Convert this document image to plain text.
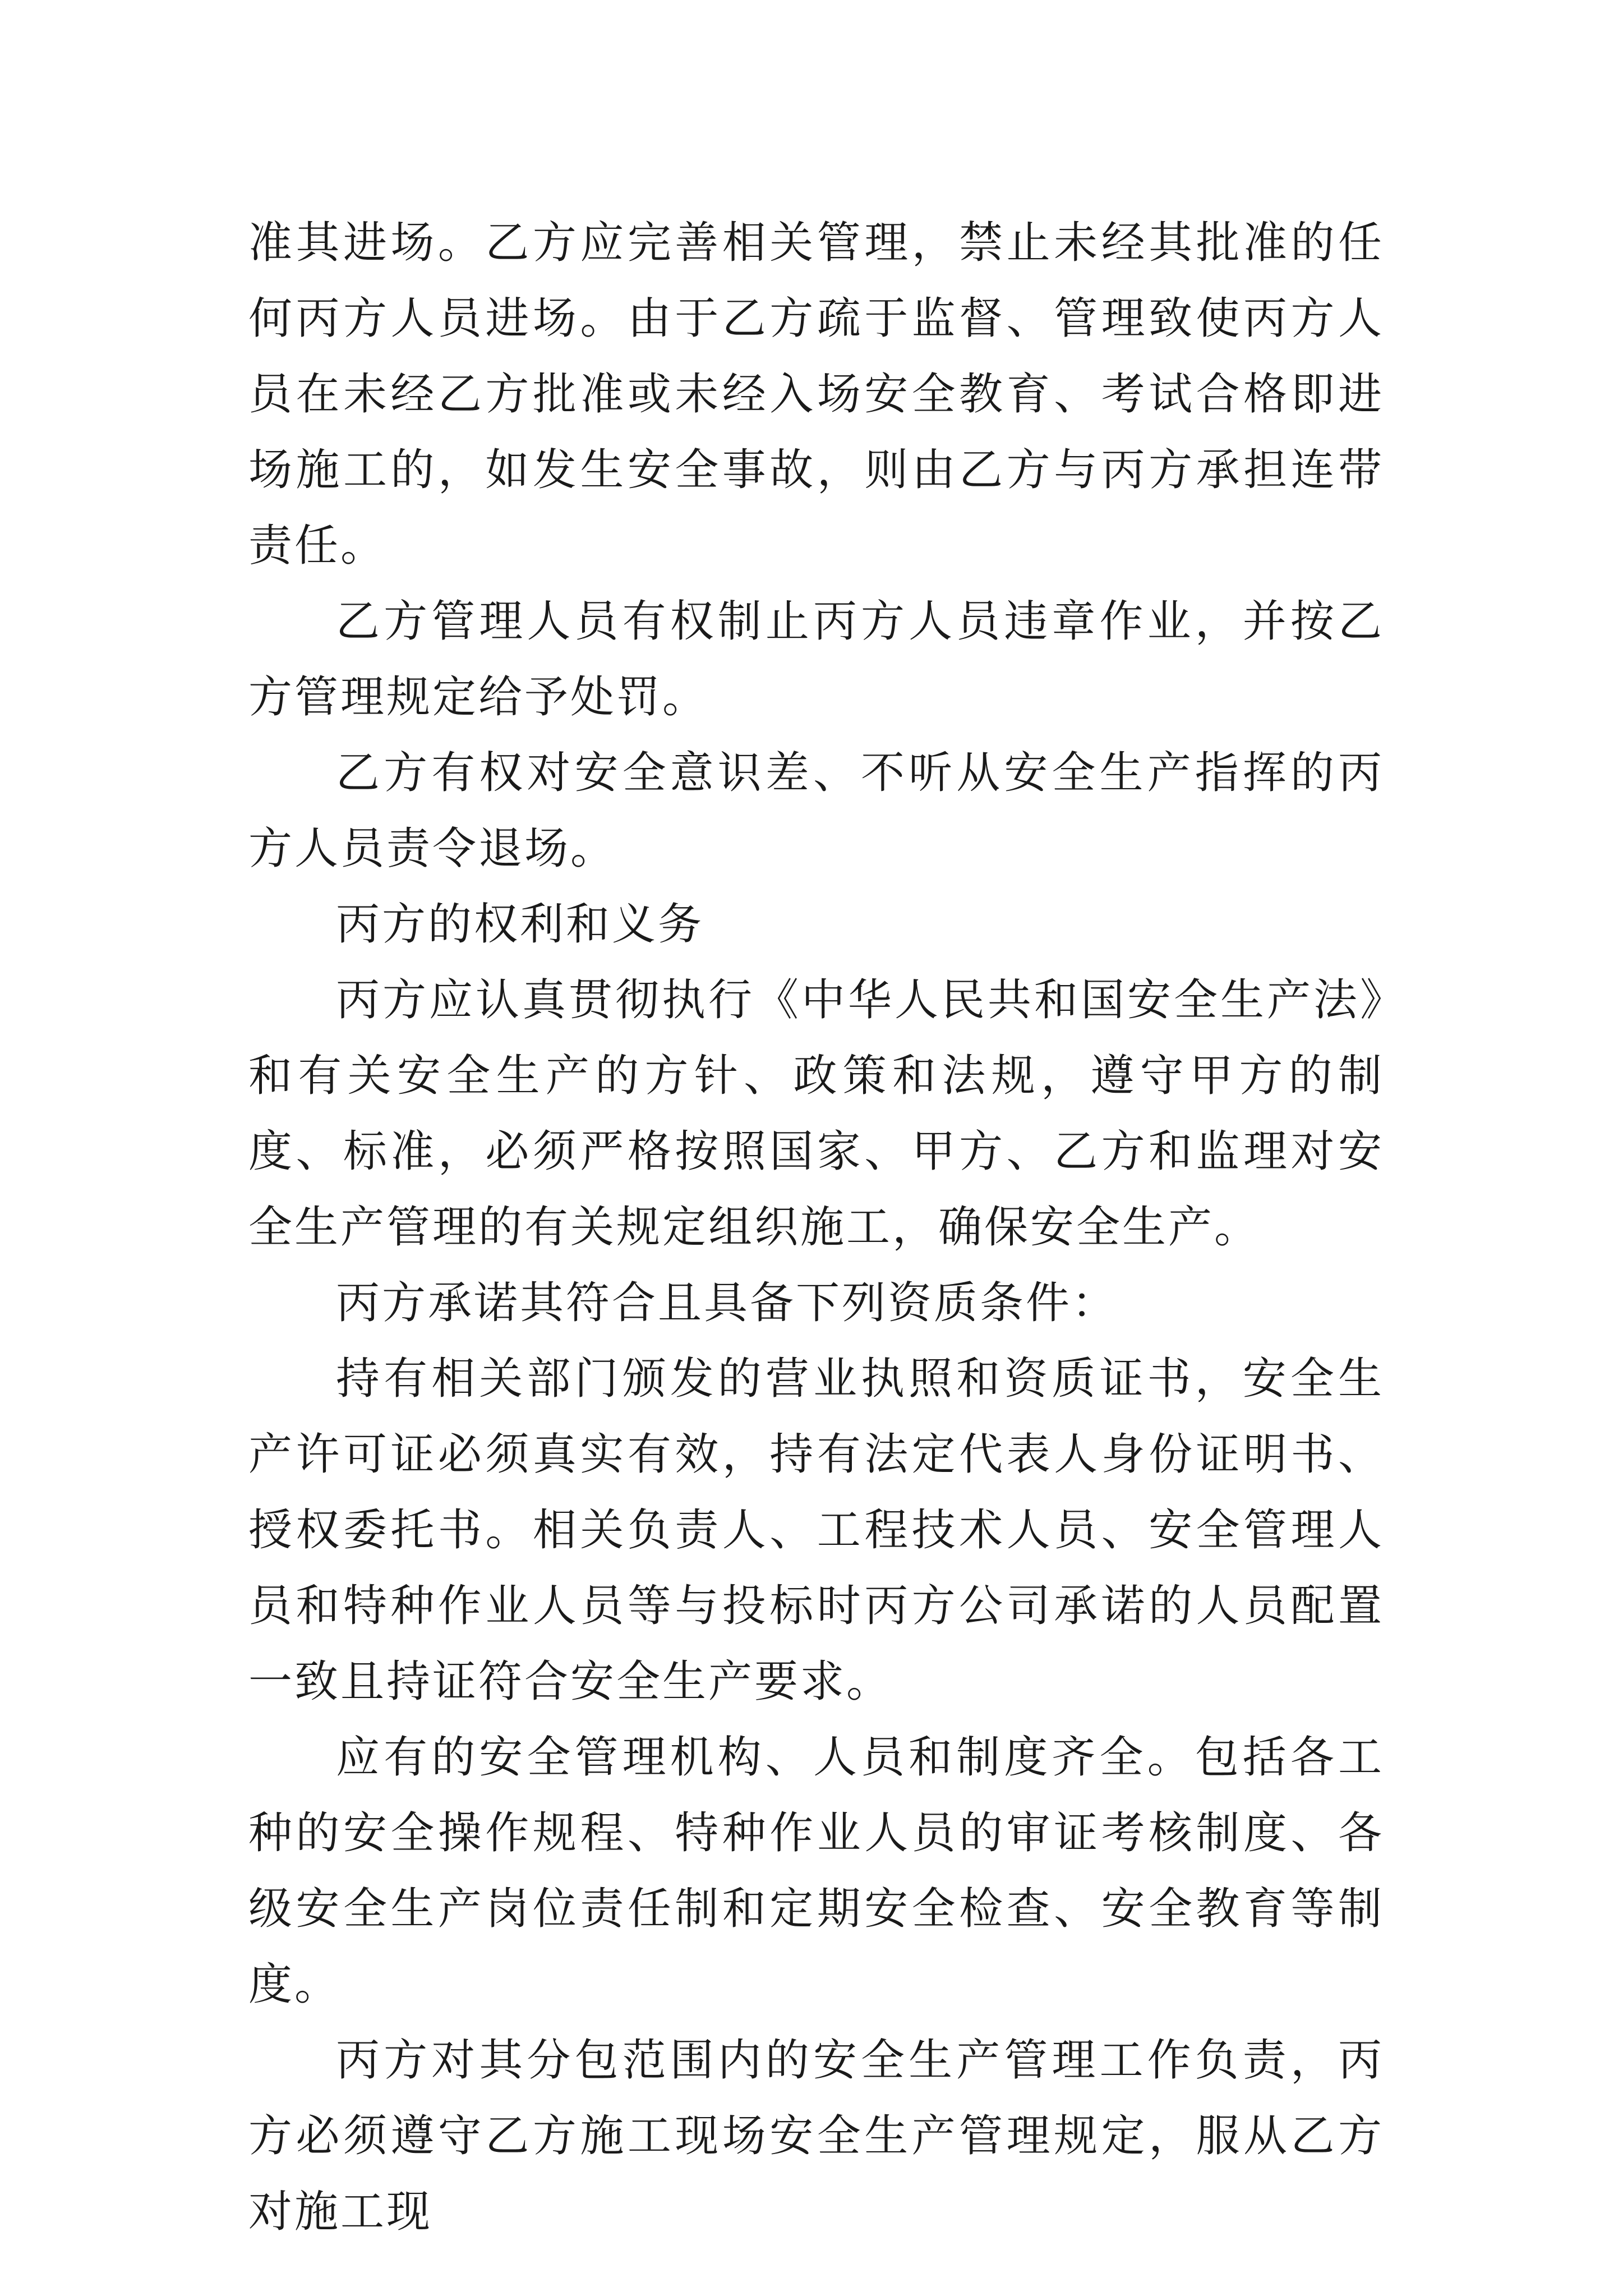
准其进场。乙方应完善相关管理，禁止未经其批准的任何丙方人员进场。由于乙方疏于监督、管理致使丙方人员在未经乙方批准或未经入场安全教育、考试合格即进场施工的，如发生安全事故，则由乙方与丙方承担连带责任。

乙方管理人员有权制止丙方人员违章作业，并按乙方管理规定给予处罚。

乙方有权对安全意识差、不听从安全生产指挥的丙方人员责令退场。

丙方的权利和义务

丙方应认真贯彻执行《中华人民共和国安全生产法》和有关安全生产的方针、政策和法规，遵守甲方的制度、标准，必须严格按照国家、甲方、乙方和监理对安全生产管理的有关规定组织施工，确保安全生产。

丙方承诺其符合且具备下列资质条件：

持有相关部门颁发的营业执照和资质证书，安全生产许可证必须真实有效，持有法定代表人身份证明书、授权委托书。相关负责人、工程技术人员、安全管理人员和特种作业人员等与投标时丙方公司承诺的人员配置一致且持证符合安全生产要求。

应有的安全管理机构、人员和制度齐全。包括各工种的安全操作规程、特种作业人员的审证考核制度、各级安全生产岗位责任制和定期安全检查、安全教育等制度。

丙方对其分包范围内的安全生产管理工作负责，丙方必须遵守乙方施工现场安全生产管理规定，服从乙方对施工现
